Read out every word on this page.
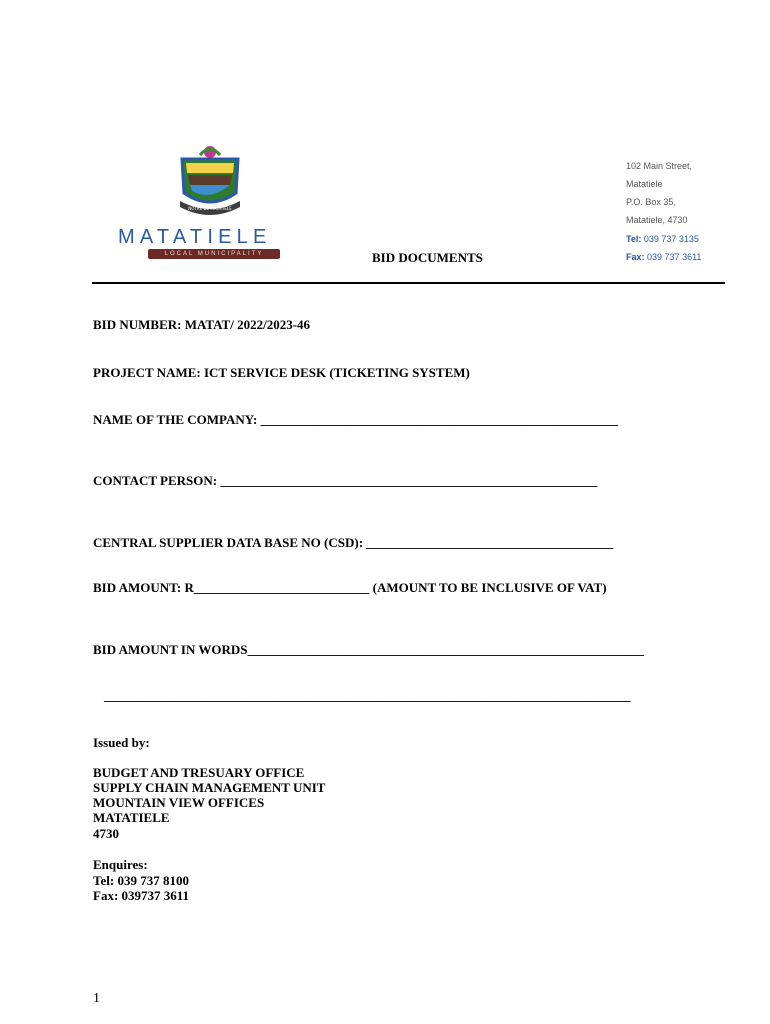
NOTRE DE MATATIELE
MATATIELE
LOCAL MUNICIPALITY
102 Main Street,
Matatiele
P.O. Box 35,
Matatiele, 4730
Tel: 039 737 3135
Fax: 039 737 3611
BID DOCUMENTS
BID NUMBER: MATAT/ 2022/2023-46
PROJECT NAME: ICT SERVICE DESK (TICKETING SYSTEM)
NAME OF THE COMPANY: _______________________________________________________
CONTACT PERSON: __________________________________________________________
CENTRAL SUPPLIER DATA BASE NO (CSD): ______________________________________
BID AMOUNT: R___________________________ (AMOUNT TO BE INCLUSIVE OF VAT)
BID AMOUNT IN WORDS_____________________________________________________________
_________________________________________________________________________________
Issued by:
BUDGET AND TRESUARY OFFICE
SUPPLY CHAIN MANAGEMENT UNIT
MOUNTAIN VIEW OFFICES
MATATIELE
4730
Enquires:
Tel: 039 737 8100
Fax: 039737 3611
1
